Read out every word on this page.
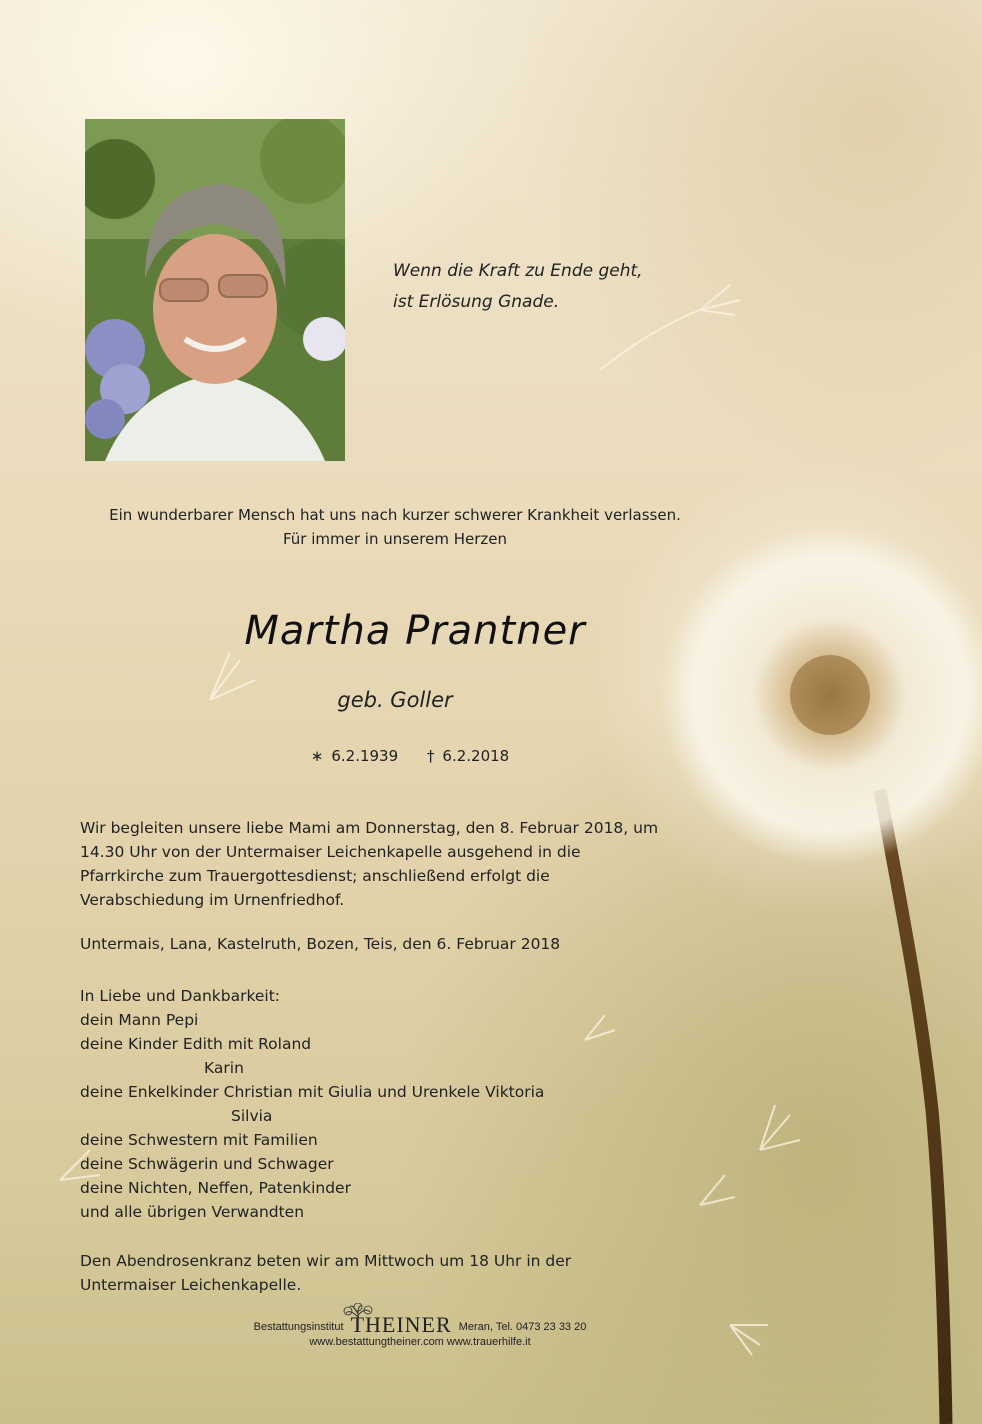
Wenn die Kraft zu Ende geht,
ist Erlösung Gnade.
Ein wunderbarer Mensch hat uns nach kurzer schwerer Krankheit verlassen.
Für immer in unserem Herzen
Martha Prantner
geb. Goller
∗ 6.2.1939 † 6.2.2018
Wir begleiten unsere liebe Mami am Donnerstag, den 8. Februar 2018, um
14.30 Uhr von der Untermaiser Leichenkapelle ausgehend in die
Pfarrkirche zum Trauergottesdienst; anschließend erfolgt die
Verabschiedung im Urnenfriedhof.
Untermais, Lana, Kastelruth, Bozen, Teis, den 6. Februar 2018
In Liebe und Dankbarkeit:
dein Mann Pepi
deine Kinder Edith mit Roland
Karin
deine Enkelkinder Christian mit Giulia und Urenkele Viktoria
Silvia
deine Schwestern mit Familien
deine Schwägerin und Schwager
deine Nichten, Neffen, Patenkinder
und alle übrigen Verwandten
Den Abendrosenkranz beten wir am Mittwoch um 18 Uhr in der
Untermaiser Leichenkapelle.
Bestattungsinstitut THEINER Meran, Tel. 0473 23 33 20
www.bestattungtheiner.com www.trauerhilfe.it
